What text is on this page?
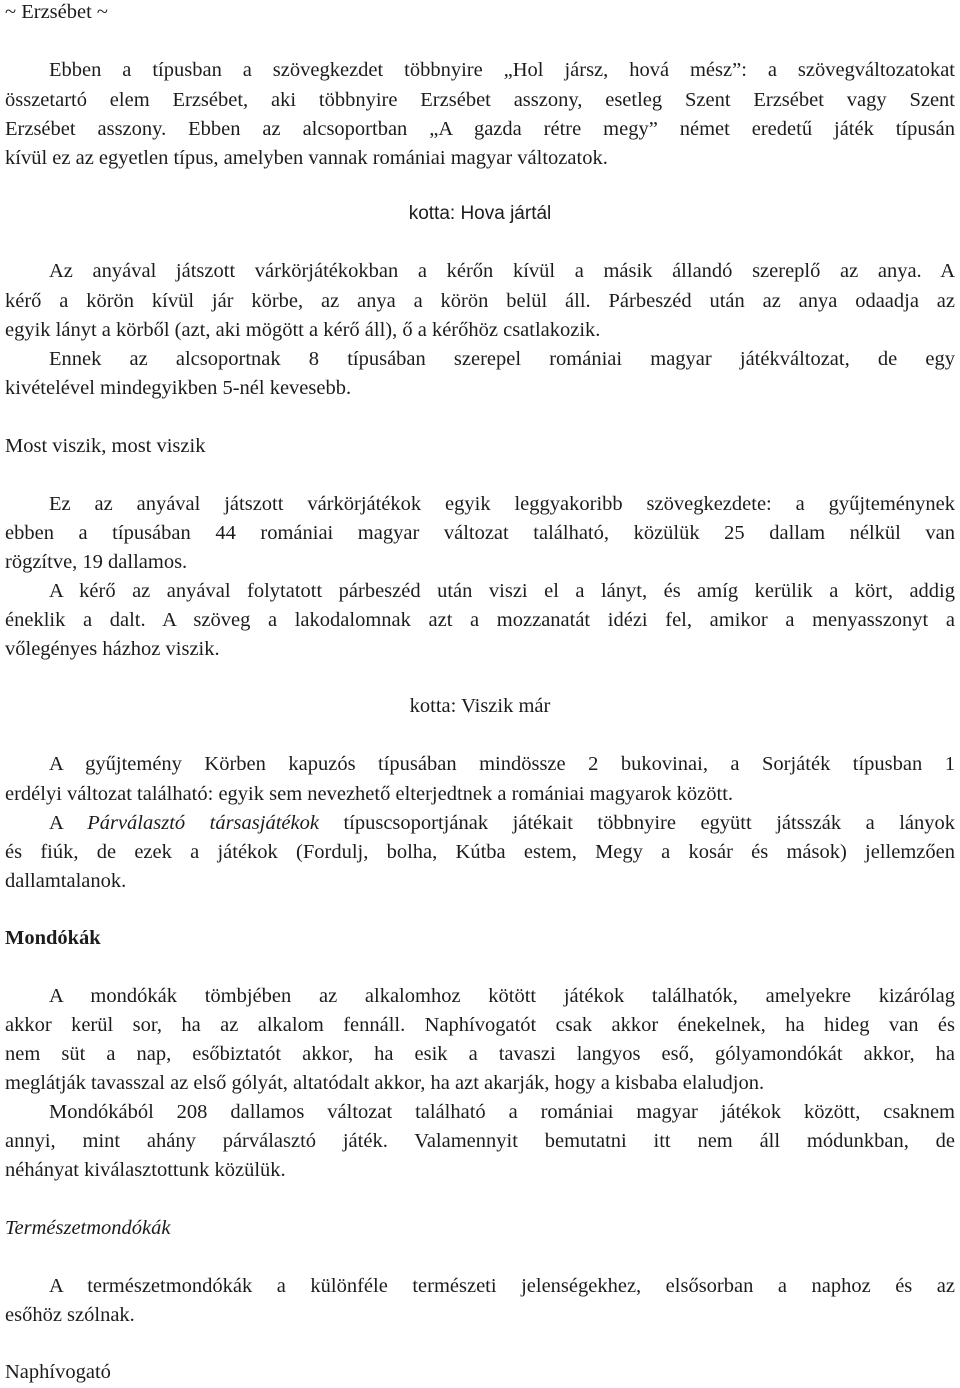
~ Erzsébet ~
Ebben a típusban a szövegkezdet többnyire „Hol jársz, hová mész”: a szövegváltozatokat
összetartó elem Erzsébet, aki többnyire Erzsébet asszony, esetleg Szent Erzsébet vagy Szent
Erzsébet asszony. Ebben az alcsoportban „A gazda rétre megy” német eredetű játék típusán
kívül ez az egyetlen típus, amelyben vannak romániai magyar változatok.
kotta: Hova jártál
Az anyával játszott várkörjátékokban a kérőn kívül a másik állandó szereplő az anya. A
kérő a körön kívül jár körbe, az anya a körön belül áll. Párbeszéd után az anya odaadja az
egyik lányt a körből (azt, aki mögött a kérő áll), ő a kérőhöz csatlakozik.
Ennek az alcsoportnak 8 típusában szerepel romániai magyar játékváltozat, de egy
kivételével mindegyikben 5-nél kevesebb.
Most viszik, most viszik
Ez az anyával játszott várkörjátékok egyik leggyakoribb szövegkezdete: a gyűjteménynek
ebben a típusában 44 romániai magyar változat található, közülük 25 dallam nélkül van
rögzítve, 19 dallamos.
A kérő az anyával folytatott párbeszéd után viszi el a lányt, és amíg kerülik a kört, addig
éneklik a dalt. A szöveg a lakodalomnak azt a mozzanatát idézi fel, amikor a menyasszonyt a
vőlegényes házhoz viszik.
kotta: Viszik már
A gyűjtemény Körben kapuzós típusában mindössze 2 bukovinai, a Sorjáték típusban 1
erdélyi változat található: egyik sem nevezhető elterjedtnek a romániai magyarok között.
A Párválasztó társasjátékok típuscsoportjának játékait többnyire együtt játsszák a lányok
és fiúk, de ezek a játékok (Fordulj, bolha, Kútba estem, Megy a kosár és mások) jellemzően
dallamtalanok.
Mondókák
A mondókák tömbjében az alkalomhoz kötött játékok találhatók, amelyekre kizárólag
akkor kerül sor, ha az alkalom fennáll. Naphívogatót csak akkor énekelnek, ha hideg van és
nem süt a nap, esőbiztatót akkor, ha esik a tavaszi langyos eső, gólyamondókát akkor, ha
meglátják tavasszal az első gólyát, altatódalt akkor, ha azt akarják, hogy a kisbaba elaludjon.
Mondókából 208 dallamos változat található a romániai magyar játékok között, csaknem
annyi, mint ahány párválasztó játék. Valamennyit bemutatni itt nem áll módunkban, de
néhányat kiválasztottunk közülük.
Természetmondókák
A természetmondókák a különféle természeti jelenségekhez, elsősorban a naphoz és az
esőhöz szólnak.
Naphívogató
